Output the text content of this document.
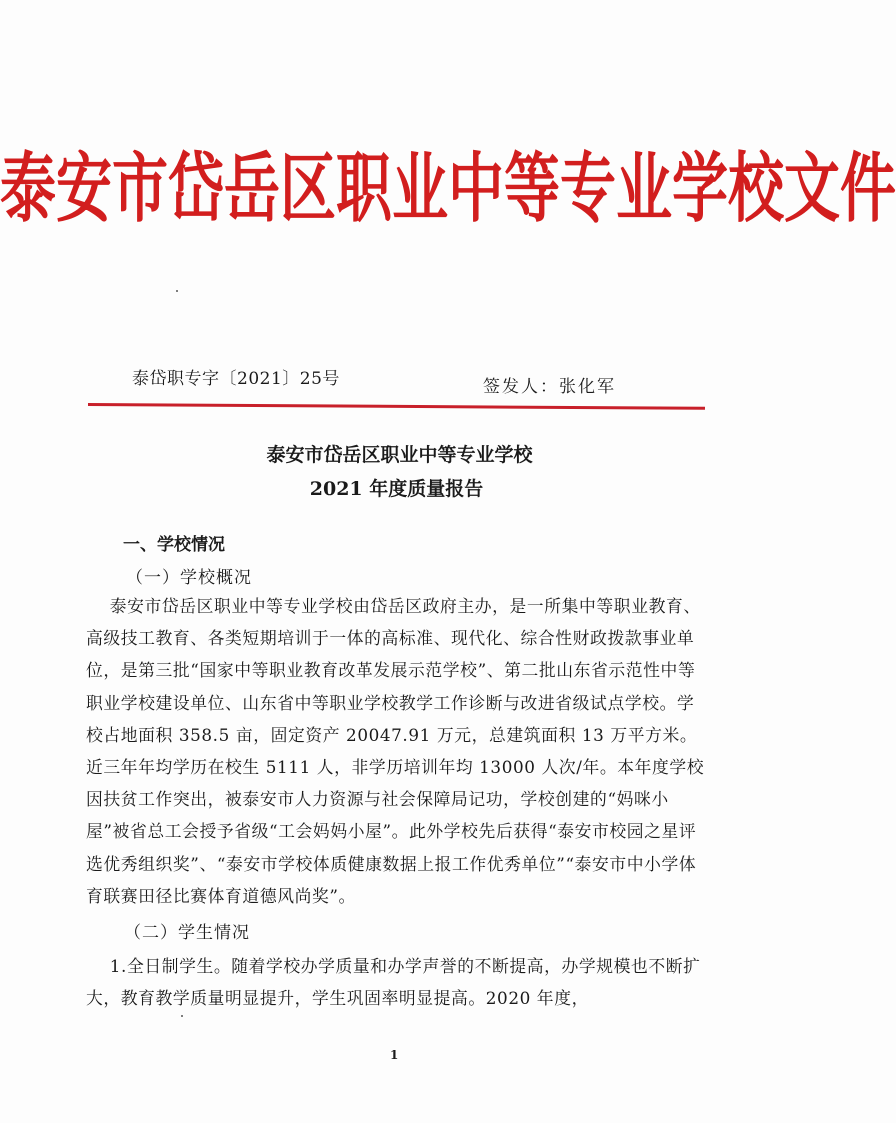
泰安市岱岳区职业中等专业学校文件
泰岱职专字〔2021〕25号	签发人：张化军
泰安市岱岳区职业中等专业学校
2021 年度质量报告
一、学校情况
（一）学校概况
泰安市岱岳区职业中等专业学校由岱岳区政府主办，是一所集中等职业教育、高级技工教育、各类短期培训于一体的高标准、现代化、综合性财政拨款事业单位，是第三批“国家中等职业教育改革发展示范学校”、第二批山东省示范性中等职业学校建设单位、山东省中等职业学校教学工作诊断与改进省级试点学校。学校占地面积 358.5 亩，固定资产 20047.91 万元，总建筑面积 13 万平方米。近三年年均学历在校生 5111 人，非学历培训年均 13000 人次/年。本年度学校因扶贫工作突出，被泰安市人力资源与社会保障局记功，学校创建的“妈咪小屋”被省总工会授予省级“工会妈妈小屋”。此外学校先后获得“泰安市校园之星评选优秀组织奖”、“泰安市学校体质健康数据上报工作优秀单位”“泰安市中小学体育联赛田径比赛体育道德风尚奖”。
（二）学生情况
1.全日制学生。随着学校办学质量和办学声誉的不断提高，办学规模也不断扩大，教育教学质量明显提升，学生巩固率明显提高。2020 年度，
1
